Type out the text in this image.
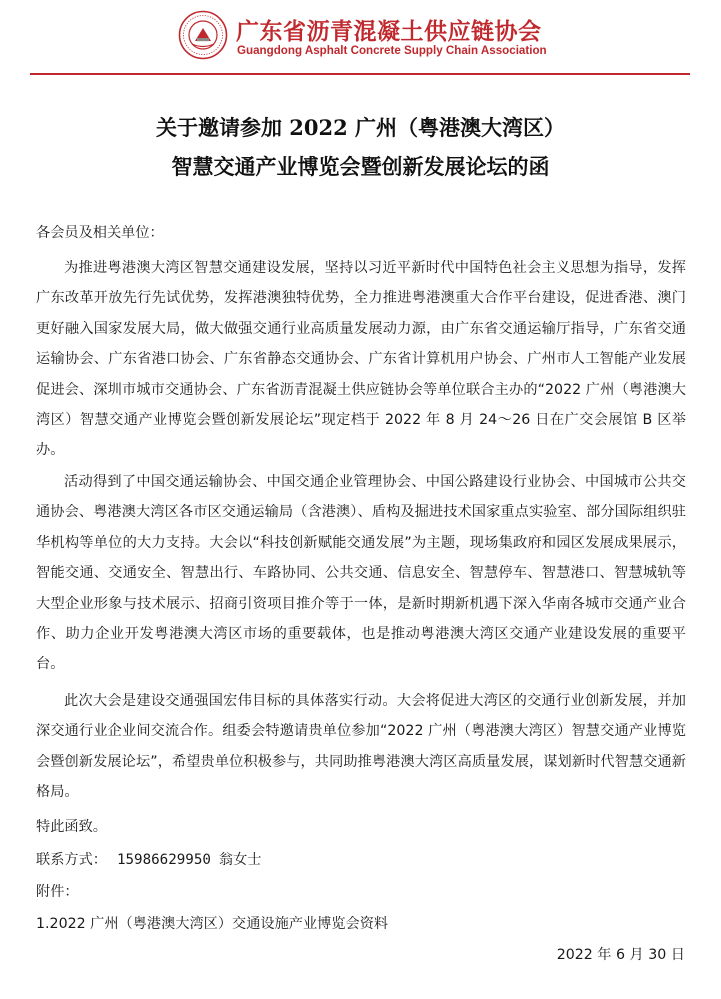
广东省沥青混凝土供应链协会
Guangdong Asphalt Concrete Supply Chain Association
关于邀请参加 2022 广州（粤港澳大湾区）
智慧交通产业博览会暨创新发展论坛的函
各会员及相关单位：
为推进粤港澳大湾区智慧交通建设发展，坚持以习近平新时代中国特色社会主义思想为指导，发挥广东改革开放先行先试优势，发挥港澳独特优势，全力推进粤港澳重大合作平台建设，促进香港、澳门更好融入国家发展大局，做大做强交通行业高质量发展动力源，由广东省交通运输厅指导，广东省交通运输协会、广东省港口协会、广东省静态交通协会、广东省计算机用户协会、广州市人工智能产业发展促进会、深圳市城市交通协会、广东省沥青混凝土供应链协会等单位联合主办的“2022 广州（粤港澳大湾区）智慧交通产业博览会暨创新发展论坛”现定档于 2022 年 8 月 24～26 日在广交会展馆 B 区举办。
活动得到了中国交通运输协会、中国交通企业管理协会、中国公路建设行业协会、中国城市公共交通协会、粤港澳大湾区各市区交通运输局（含港澳）、盾构及掘进技术国家重点实验室、部分国际组织驻华机构等单位的大力支持。大会以“科技创新赋能交通发展”为主题，现场集政府和园区发展成果展示，智能交通、交通安全、智慧出行、车路协同、公共交通、信息安全、智慧停车、智慧港口、智慧城轨等大型企业形象与技术展示、招商引资项目推介等于一体，是新时期新机遇下深入华南各城市交通产业合作、助力企业开发粤港澳大湾区市场的重要载体，也是推动粤港澳大湾区交通产业建设发展的重要平台。
此次大会是建设交通强国宏伟目标的具体落实行动。大会将促进大湾区的交通行业创新发展，并加深交通行业企业间交流合作。组委会特邀请贵单位参加“2022 广州（粤港澳大湾区）智慧交通产业博览会暨创新发展论坛”，希望贵单位积极参与，共同助推粤港澳大湾区高质量发展，谋划新时代智慧交通新格局。
特此函致。
联系方式： 15986629950 翁女士
附件：
1.2022 广州（粤港澳大湾区）交通设施产业博览会资料
2022 年 6 月 30 日
